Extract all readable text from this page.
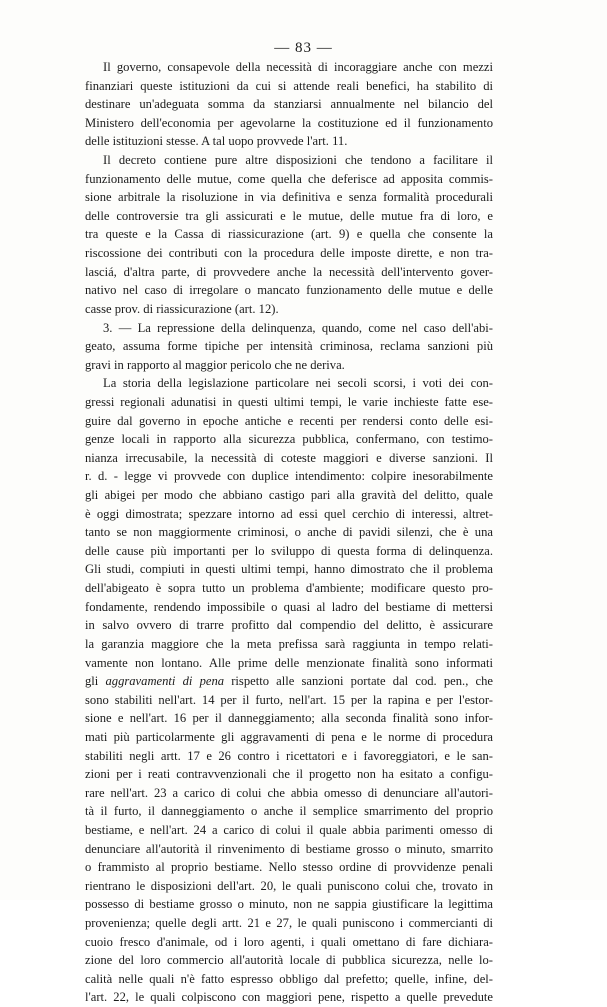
— 83 —
Il governo, consapevole della necessità di incoraggiare anche con mezzi
finanziari queste istituzioni da cui si attende reali benefici, ha stabilito di
destinare un'adeguata somma da stanziarsi annualmente nel bilancio del
Ministero dell'economia per agevolarne la costituzione ed il funzionamento
delle istituzioni stesse. A tal uopo provvede l'art. 11.
Il decreto contiene pure altre disposizioni che tendono a facilitare il
funzionamento delle mutue, come quella che deferisce ad apposita commis-
sione arbitrale la risoluzione in via definitiva e senza formalità procedurali
delle controversie tra gli assicurati e le mutue, delle mutue fra di loro, e
tra queste e la Cassa di riassicurazione (art. 9) e quella che consente la
riscossione dei contributi con la procedura delle imposte dirette, e non tra-
lasciá, d'altra parte, di provvedere anche la necessità dell'intervento gover-
nativo nel caso di irregolare o mancato funzionamento delle mutue e delle
casse prov. di riassicurazione (art. 12).
3. — La repressione della delinquenza, quando, come nel caso dell'abi-
geato, assuma forme tipiche per intensità criminosa, reclama sanzioni più
gravi in rapporto al maggior pericolo che ne deriva.
La storia della legislazione particolare nei secoli scorsi, i voti dei con-
gressi regionali adunatisi in questi ultimi tempi, le varie inchieste fatte ese-
guire dal governo in epoche antiche e recenti per rendersi conto delle esi-
genze locali in rapporto alla sicurezza pubblica, confermano, con testimo-
nianza irrecusabile, la necessità di coteste maggiori e diverse sanzioni. Il
r. d. - legge vi provvede con duplice intendimento: colpire inesorabilmente
gli abigei per modo che abbiano castigo pari alla gravità del delitto, quale
è oggi dimostrata; spezzare intorno ad essi quel cerchio di interessi, altret-
tanto se non maggiormente criminosi, o anche di pavidi silenzi, che è una
delle cause più importanti per lo sviluppo di questa forma di delinquenza.
Gli studi, compiuti in questi ultimi tempi, hanno dimostrato che il problema
dell'abigeato è sopra tutto un problema d'ambiente; modificare questo pro-
fondamente, rendendo impossibile o quasi al ladro del bestiame di mettersi
in salvo ovvero di trarre profitto dal compendio del delitto, è assicurare
la garanzia maggiore che la meta prefissa sarà raggiunta in tempo relati-
vamente non lontano. Alle prime delle menzionate finalità sono informati
gli aggravamenti di pena rispetto alle sanzioni portate dal cod. pen., che
sono stabiliti nell'art. 14 per il furto, nell'art. 15 per la rapina e per l'estor-
sione e nell'art. 16 per il danneggiamento; alla seconda finalità sono infor-
mati più particolarmente gli aggravamenti di pena e le norme di procedura
stabiliti negli artt. 17 e 26 contro i ricettatori e i favoreggiatori, e le san-
zioni per i reati contravvenzionali che il progetto non ha esitato a configu-
rare nell'art. 23 a carico di colui che abbia omesso di denunciare all'autori-
tà il furto, il danneggiamento o anche il semplice smarrimento del proprio
bestiame, e nell'art. 24 a carico di colui il quale abbia parimenti omesso di
denunciare all'autorità il rinvenimento di bestiame grosso o minuto, smarrito
o frammisto al proprio bestiame. Nello stesso ordine di provvidenze penali
rientrano le disposizioni dell'art. 20, le quali puniscono colui che, trovato in
possesso di bestiame grosso o minuto, non ne sappia giustificare la legittima
provenienza; quelle degli artt. 21 e 27, le quali puniscono i commercianti di
cuoio fresco d'animale, od i loro agenti, i quali omettano di fare dichiara-
zione del loro commercio all'autorità locale di pubblica sicurezza, nelle lo-
calità nelle quali n'è fatto espresso obbligo dal prefetto; quelle, infine, del-
l'art. 22, le quali colpiscono con maggiori pene, rispetto a quelle prevedute
